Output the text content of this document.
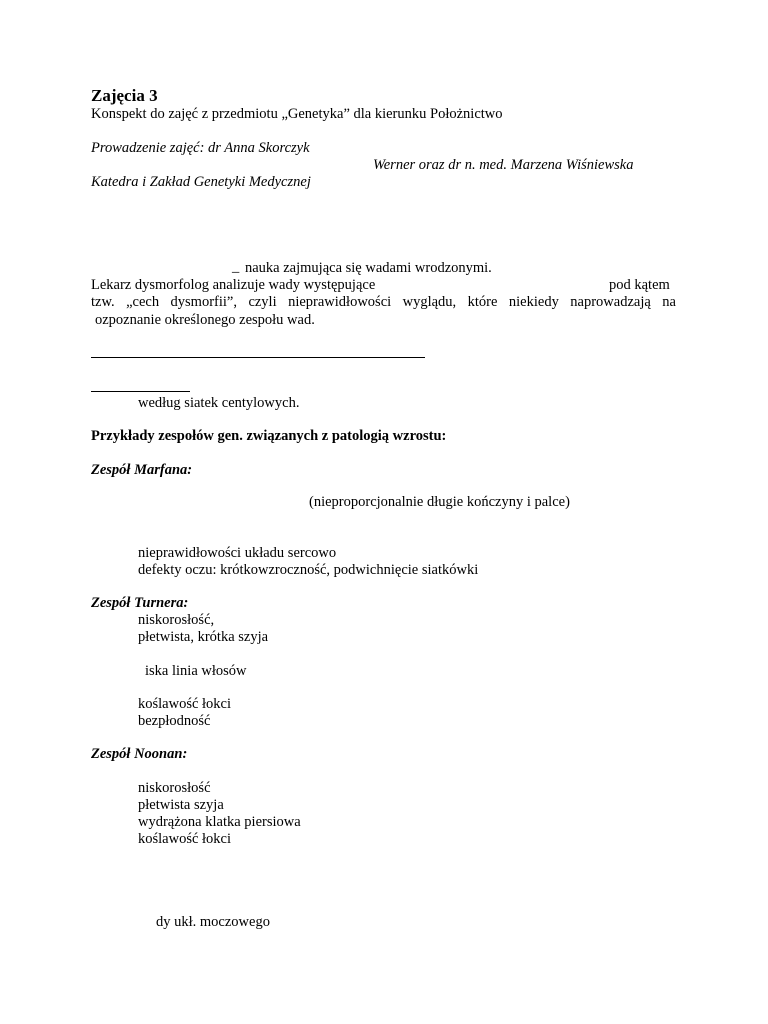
Zajęcia 3
Konspekt do zajęć z przedmiotu „Genetyka” dla kierunku Położnictwo
Prowadzenie zajęć: dr Anna Skorczyk
Werner oraz dr n. med. Marzena Wiśniewska
Katedra i Zakład Genetyki Medycznej
_ nauka zajmująca się wadami wrodzonymi.
Lekarz dysmorfolog analizuje wady występujące	pod kątem
tzw. „cech dysmorfii”, czyli nieprawidłowości wyglądu, które niekiedy naprowadzają na
ozpoznanie określonego zespołu wad.
według siatek centylowych.
Przykłady zespołów gen. związanych z patologią wzrostu:
Zespół Marfana:
(nieproporcjonalnie długie kończyny i palce)
nieprawidłowości układu sercowo
defekty oczu: krótkowzroczność, podwichnięcie siatkówki
Zespół Turnera:
niskorosłość,
płetwista, krótka szyja
iska linia włosów
koślawość łokci
bezpłodność
Zespół Noonan:
niskorosłość
płetwista szyja
wydrążona klatka piersiowa
koślawość łokci
dy ukł. moczowego
